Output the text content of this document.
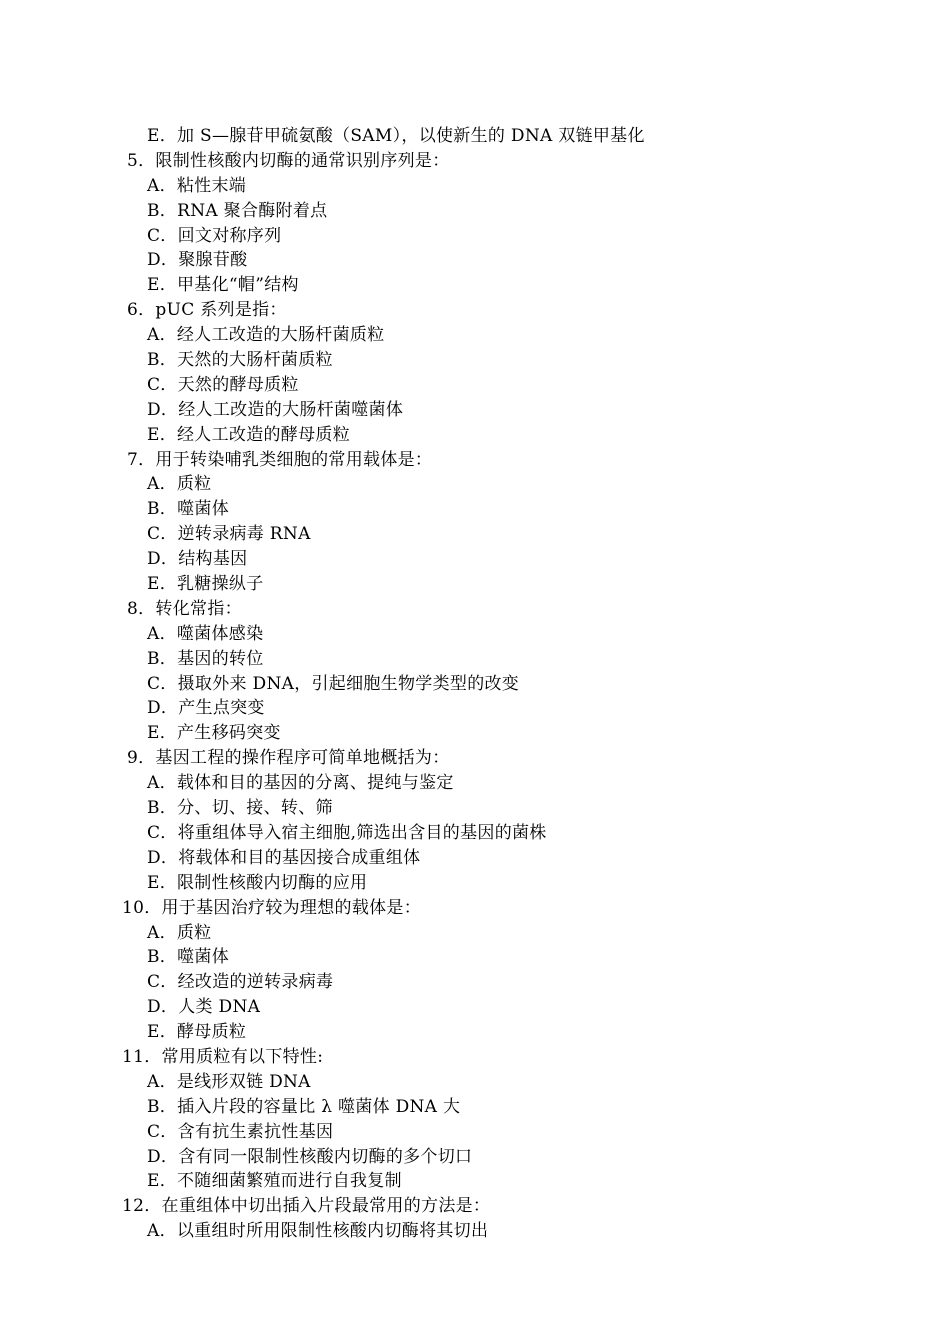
E．加 S—腺苷甲硫氨酸（SAM），以使新生的 DNA 双链甲基化
5．限制性核酸内切酶的通常识别序列是：
A．粘性末端
B．RNA 聚合酶附着点
C．回文对称序列
D．聚腺苷酸
E．甲基化“帽”结构
6．pUC 系列是指：
A．经人工改造的大肠杆菌质粒
B．天然的大肠杆菌质粒
C．天然的酵母质粒
D．经人工改造的大肠杆菌噬菌体
E．经人工改造的酵母质粒
7．用于转染哺乳类细胞的常用载体是：
A．质粒
B．噬菌体
C．逆转录病毒 RNA
D．结构基因
E．乳糖操纵子
8．转化常指：
A．噬菌体感染
B．基因的转位
C．摄取外来 DNA，引起细胞生物学类型的改变
D．产生点突变
E．产生移码突变
9．基因工程的操作程序可简单地概括为：
A．载体和目的基因的分离、提纯与鉴定
B．分、切、接、转、筛
C．将重组体导入宿主细胞,筛选出含目的基因的菌株
D．将载体和目的基因接合成重组体
E．限制性核酸内切酶的应用
10．用于基因治疗较为理想的载体是：
A．质粒
B．噬菌体
C．经改造的逆转录病毒
D．人类 DNA
E．酵母质粒
11．常用质粒有以下特性:
A．是线形双链 DNA
B．插入片段的容量比 λ 噬菌体 DNA 大
C．含有抗生素抗性基因
D．含有同一限制性核酸内切酶的多个切口
E．不随细菌繁殖而进行自我复制
12．在重组体中切出插入片段最常用的方法是：
A．以重组时所用限制性核酸内切酶将其切出
